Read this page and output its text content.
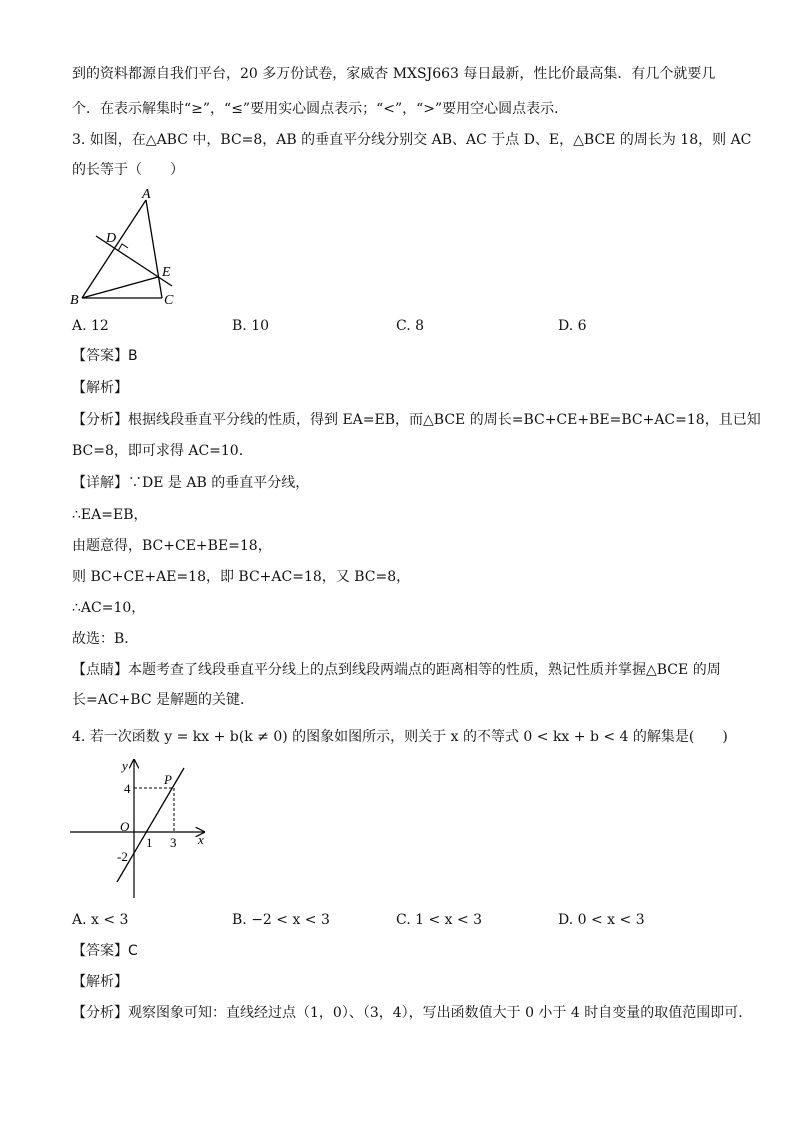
到的资料都源自我们平台，20 多万份试卷，家威杏 MXSJ663 每日最新，性比价最高集．有几个就要几
个．在表示解集时“≥”，“≤”要用实心圆点表示；“<”，“>”要用空心圆点表示．
3. 如图，在△ABC 中，BC=8，AB 的垂直平分线分别交 AB、AC 于点 D、E，△BCE 的周长为 18，则 AC
的长等于（　　）
A
D
E
B	C
A. 12	B. 10	C. 8	D. 6
【答案】B
【解析】
【分析】根据线段垂直平分线的性质，得到 EA=EB，而△BCE 的周长=BC+CE+BE=BC+AC=18，且已知
BC=8，即可求得 AC=10．
【详解】∵DE 是 AB 的垂直平分线，
∴EA=EB，
由题意得，BC+CE+BE=18，
则 BC+CE+AE=18，即 BC+AC=18，又 BC=8，
∴AC=10，
故选：B．
【点睛】本题考查了线段垂直平分线上的点到线段两端点的距离相等的性质，熟记性质并掌握△BCE 的周
长=AC+BC 是解题的关键．
4. 若一次函数 y = kx + b(k ≠ 0) 的图象如图所示，则关于 x 的不等式 0 < kx + b < 4 的解集是(　　)
y
x
P
O
4
-2
1 3
A. x < 3	B. −2 < x < 3	C. 1 < x < 3	D. 0 < x < 3
【答案】C
【解析】
【分析】观察图象可知：直线经过点（1，0）、（3，4），写出函数值大于 0 小于 4 时自变量的取值范围即可．
